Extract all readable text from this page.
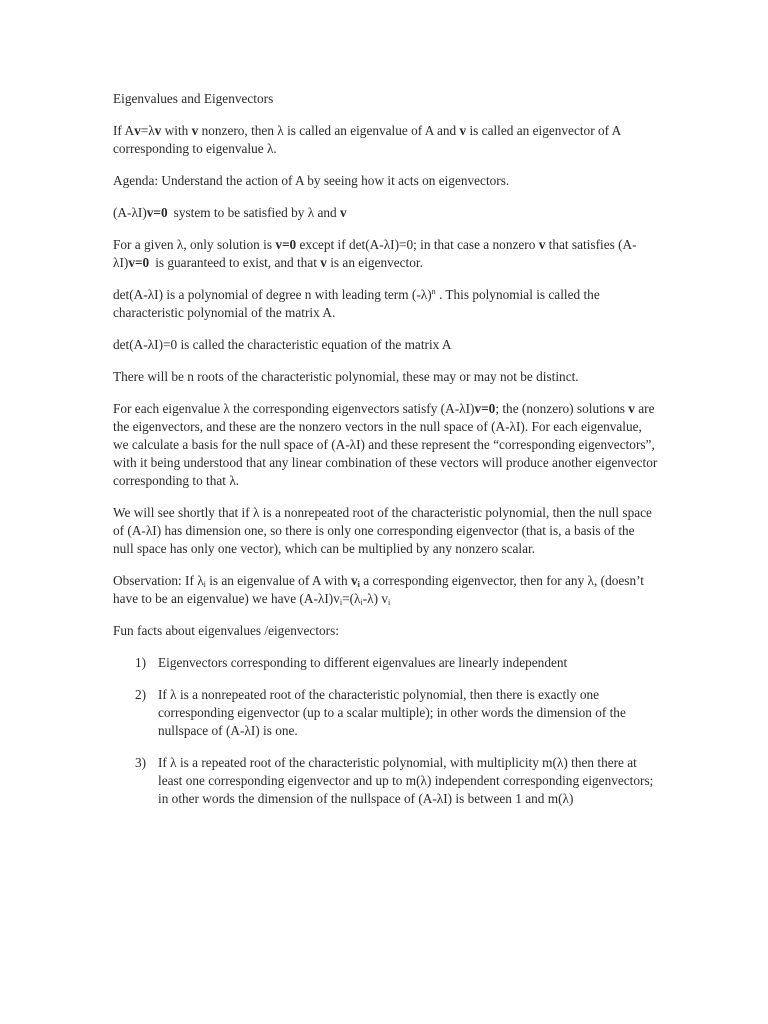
Eigenvalues and Eigenvectors

If Av=λv with v nonzero, then λ is called an eigenvalue of A and v is called an eigenvector of A corresponding to eigenvalue λ.

Agenda: Understand the action of A by seeing how it acts on eigenvectors.

(A-λI)v=0 system to be satisfied by λ and v

For a given λ, only solution is v=0 except if det(A-λI)=0; in that case a nonzero v that satisfies (A-λI)v=0 is guaranteed to exist, and that v is an eigenvector.

det(A-λI) is a polynomial of degree n with leading term $(-\lambda)^n$ . This polynomial is called the characteristic polynomial of the matrix A.

det(A-λI)=0 is called the characteristic equation of the matrix A

There will be n roots of the characteristic polynomial, these may or may not be distinct.

For each eigenvalue λ the corresponding eigenvectors satisfy (A-λI)v=0; the (nonzero) solutions v are the eigenvectors, and these are the nonzero vectors in the null space of (A-λI). For each eigenvalue, we calculate a basis for the null space of (A-λI) and these represent the “corresponding eigenvectors”, with it being understood that any linear combination of these vectors will produce another eigenvector corresponding to that λ.

We will see shortly that if λ is a nonrepeated root of the characteristic polynomial, then the null space of (A-λI) has dimension one, so there is only one corresponding eigenvector (that is, a basis of the null space has only one vector), which can be multiplied by any nonzero scalar.

Observation: If $\lambda_i$ is an eigenvalue of A with $v_i$ a corresponding eigenvector, then for any λ, (doesn’t have to be an eigenvalue) we have $(A-\lambda I)v_i=(\lambda_i-\lambda)$ $v_i$

Fun facts about eigenvalues /eigenvectors:

1) Eigenvectors corresponding to different eigenvalues are linearly independent
2) If λ is a nonrepeated root of the characteristic polynomial, then there is exactly one corresponding eigenvector (up to a scalar multiple); in other words the dimension of the nullspace of (A-λI) is one.
3) If λ is a repeated root of the characteristic polynomial, with multiplicity m(λ) then there at least one corresponding eigenvector and up to m(λ) independent corresponding eigenvectors; in other words the dimension of the nullspace of (A-λI) is between 1 and m(λ)
